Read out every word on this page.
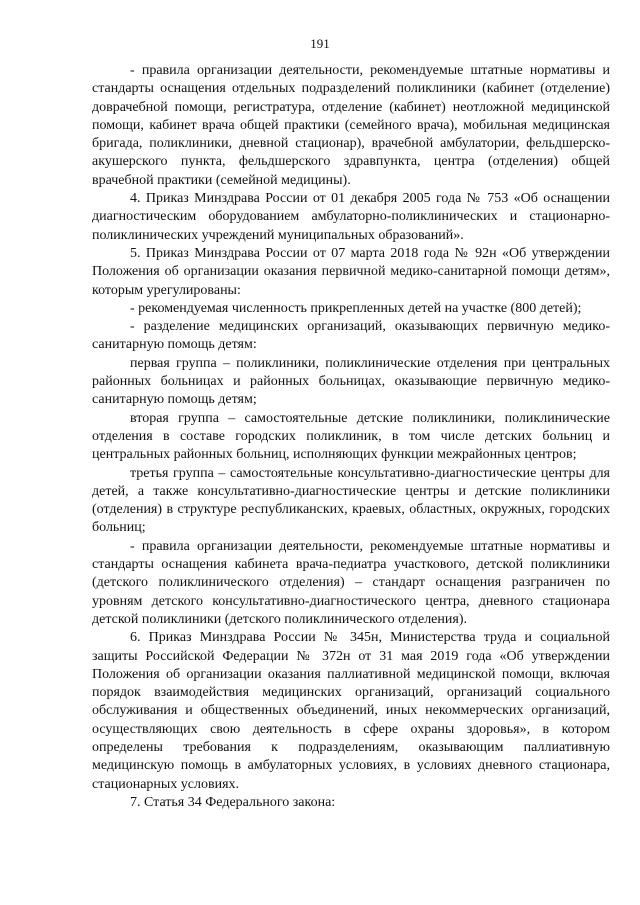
191

- правила организации деятельности, рекомендуемые штатные нормативы и стандарты оснащения отдельных подразделений поликлиники (кабинет (отделение) доврачебной помощи, регистратура, отделение (кабинет) неотложной медицинской помощи, кабинет врача общей практики (семейного врача), мобильная медицинская бригада, поликлиники, дневной стационар), врачебной амбулатории, фельдшерско-акушерского пункта, фельдшерского здравпункта, центра (отделения) общей врачебной практики (семейной медицины).

4. Приказ Минздрава России от 01 декабря 2005 года № 753 «Об оснащении диагностическим оборудованием амбулаторно-поликлинических и стационарно-поликлинических учреждений муниципальных образований».

5. Приказ Минздрава России от 07 марта 2018 года № 92н «Об утверждении Положения об организации оказания первичной медико-санитарной помощи детям», которым урегулированы:

- рекомендуемая численность прикрепленных детей на участке (800 детей);

- разделение медицинских организаций, оказывающих первичную медико-санитарную помощь детям:

первая группа – поликлиники, поликлинические отделения при центральных районных больницах и районных больницах, оказывающие первичную медико-санитарную помощь детям;

вторая группа – самостоятельные детские поликлиники, поликлинические отделения в составе городских поликлиник, в том числе детских больниц и центральных районных больниц, исполняющих функции межрайонных центров;

третья группа – самостоятельные консультативно-диагностические центры для детей, а также консультативно-диагностические центры и детские поликлиники (отделения) в структуре республиканских, краевых, областных, окружных, городских больниц;

- правила организации деятельности, рекомендуемые штатные нормативы и стандарты оснащения кабинета врача-педиатра участкового, детской поликлиники (детского поликлинического отделения) – стандарт оснащения разграничен по уровням детского консультативно-диагностического центра, дневного стационара детской поликлиники (детского поликлинического отделения).

6. Приказ Минздрава России № 345н, Министерства труда и социальной защиты Российской Федерации № 372н от 31 мая 2019 года «Об утверждении Положения об организации оказания паллиативной медицинской помощи, включая порядок взаимодействия медицинских организаций, организаций социального обслуживания и общественных объединений, иных некоммерческих организаций, осуществляющих свою деятельность в сфере охраны здоровья», в котором определены требования к подразделениям, оказывающим паллиативную медицинскую помощь в амбулаторных условиях, в условиях дневного стационара, стационарных условиях.

7. Статья 34 Федерального закона:
